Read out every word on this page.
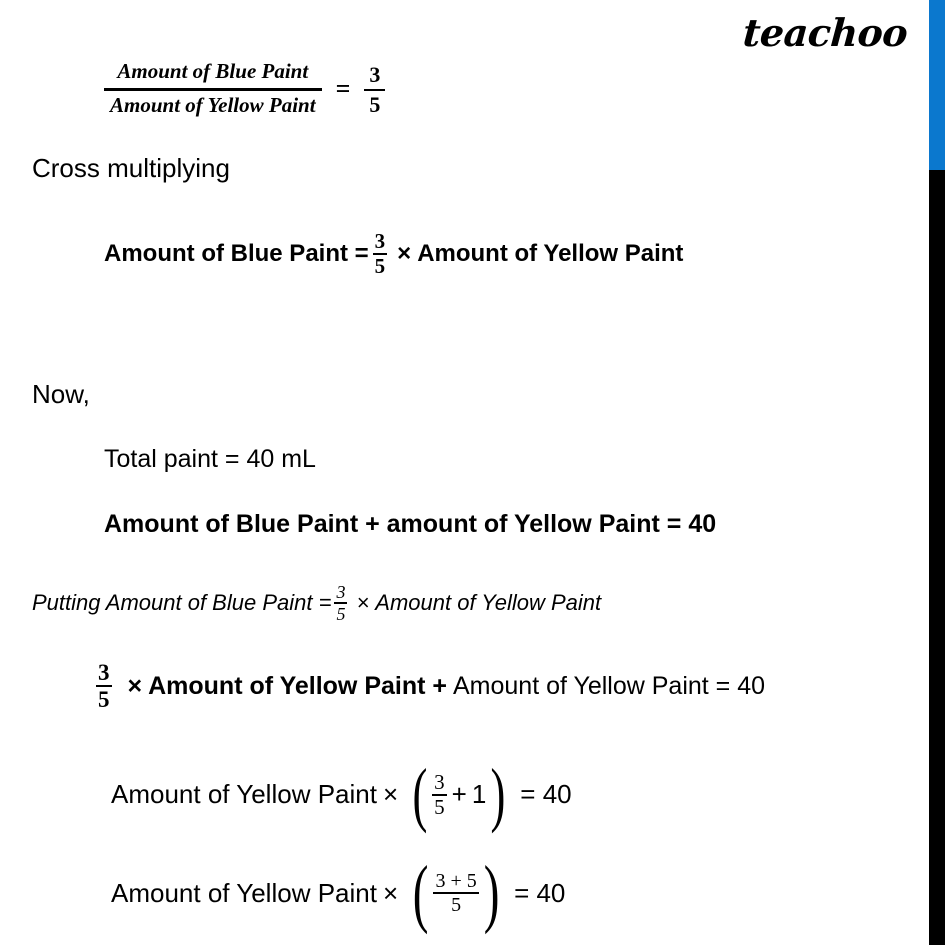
teachoo
$\frac{\text{Amount of Blue Paint}}{\text{Amount of Yellow Paint}} = \frac{3}{5}$
Cross multiplying
Amount of Blue Paint = $\frac{3}{5}$ × Amount of Yellow Paint
Now,
Total paint = 40 mL
Amount of Blue Paint + amount of Yellow Paint = 40
Putting Amount of Blue Paint = $\frac{3}{5}$ × Amount of Yellow Paint
$\frac{3}{5}$ × Amount of Yellow Paint + Amount of Yellow Paint = 40
Amount of Yellow Paint × ( $\frac{3}{5} + 1$ ) = 40
Amount of Yellow Paint × ( $\frac{3 + 5}{5}$ ) = 40
